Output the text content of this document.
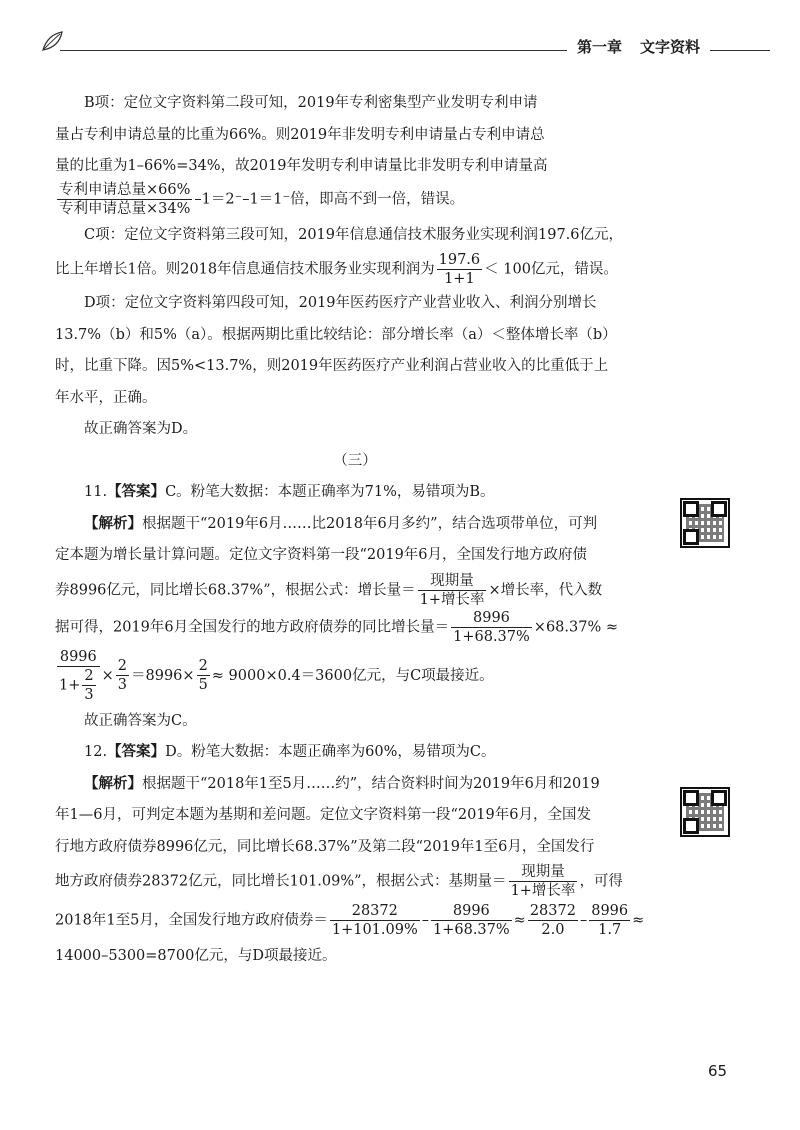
第一章 文字资料

B项：定位文字资料第二段可知，2019年专利密集型产业发明专利申请

量占专利申请总量的比重为66%。则2019年非发明专利申请量占专利申请总

量的比重为1–66%=34%，故2019年发明专利申请量比非发明专利申请量高

$\frac{\text{专利申请总量×66\%}}{\text{专利申请总量×34\%}} -1=2^--1=1^-$倍，即高不到一倍，错误。

C项：定位文字资料第三段可知，2019年信息通信技术服务业实现利润197.6亿元，

比上年增长1倍。则2018年信息通信技术服务业实现利润为 $\frac{197.6}{1+1} < 100$亿元，错误。

D项：定位文字资料第四段可知，2019年医药医疗产业营业收入、利润分别增长

13.7%（b）和5%（a）。根据两期比重比较结论：部分增长率（a）＜整体增长率（b）

时，比重下降。因5%<13.7%，则2019年医药医疗产业利润占营业收入的比重低于上

年水平，正确。

故正确答案为D。

（三）

11.【答案】C。粉笔大数据：本题正确率为71%，易错项为B。

【解析】根据题干“2019年6月……比2018年6月多约”，结合选项带单位，可判

定本题为增长量计算问题。定位文字资料第一段“2019年6月，全国发行地方政府债

券8996亿元，同比增长68.37%”，根据公式：增长量＝ $\frac{\text{现期量}}{\text{1+增长率}}$ ×增长率，代入数

据可得，2019年6月全国发行的地方政府债券的同比增长量＝ $\frac{8996}{1+68.37\%} \times 68.37\%$ ≈

$\frac{8996}{1+ \frac{2}{3}} \times \frac{2}{3} =8996\times \frac{2}{5} \approx 9000\times 0.4=3600$亿元，与C项最接近。

故正确答案为C。

12.【答案】D。粉笔大数据：本题正确率为60%，易错项为C。

【解析】根据题干“2018年1至5月……约”，结合资料时间为2019年6月和2019

年1—6月，可判定本题为基期和差问题。定位文字资料第一段“2019年6月，全国发

行地方政府债券8996亿元，同比增长68.37%”及第二段“2019年1至6月，全国发行

地方政府债券28372亿元，同比增长101.09%”，根据公式：基期量＝ $\frac{\text{现期量}}{\text{1+增长率}}$ ，可得

2018年1至5月，全国发行地方政府债券＝ $\frac{28372}{1+101.09\%} - \frac{8996}{1+68.37\%} \approx \frac{28372}{2.0} - \frac{8996}{1.7}$ ≈

14000–5300=8700亿元，与D项最接近。

65
